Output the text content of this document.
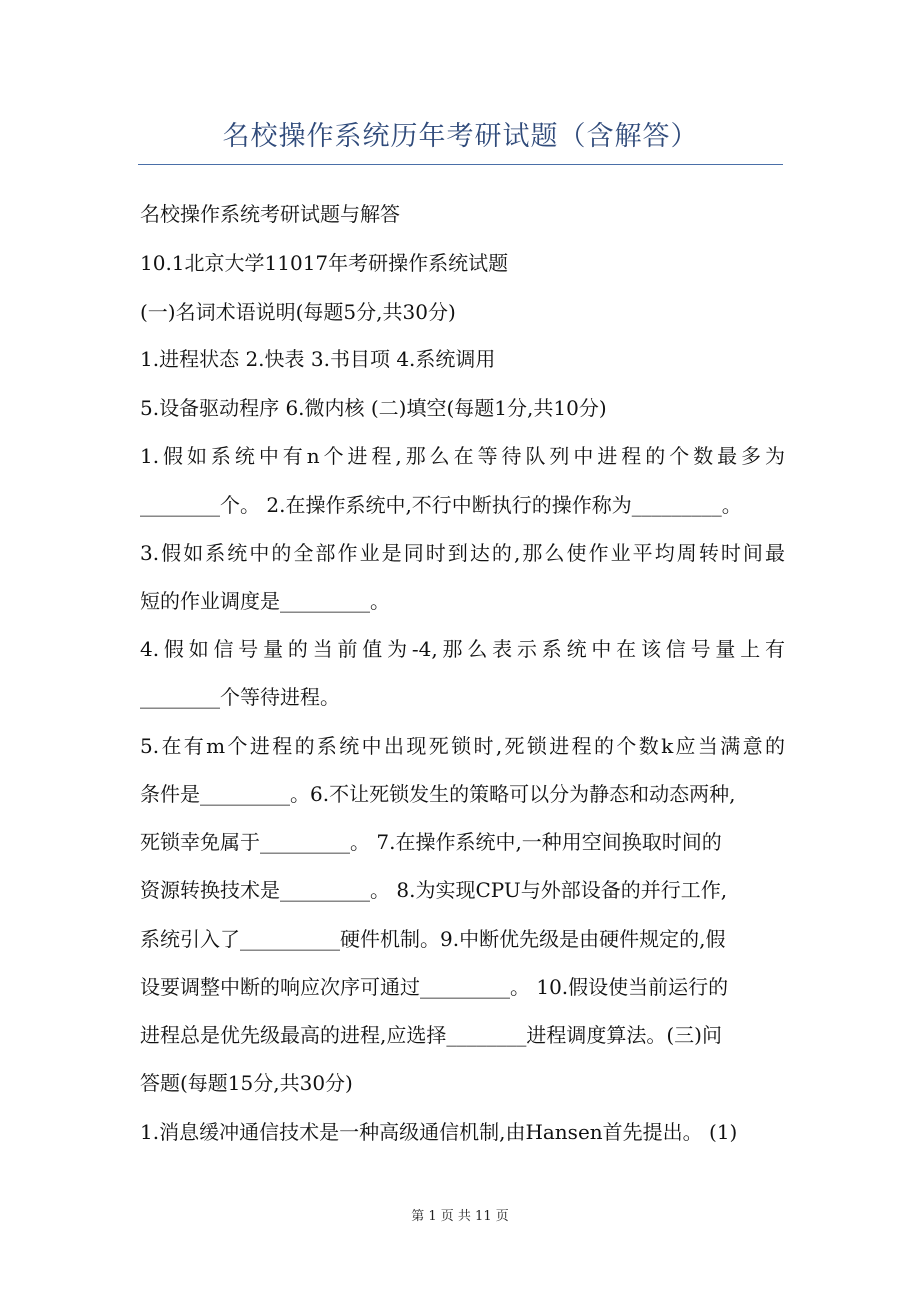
名校操作系统历年考研试题（含解答）
名校操作系统考研试题与解答
10.1北京大学11017年考研操作系统试题
(一)名词术语说明(每题5分,共30分)
1.进程状态 2.快表 3.书目项 4.系统调用
5.设备驱动程序 6.微内核 (二)填空(每题1分,共10分)
1.假如系统中有n个进程,那么在等待队列中进程的个数最多为
________个。 2.在操作系统中,不行中断执行的操作称为_________。
3.假如系统中的全部作业是同时到达的,那么使作业平均周转时间最
短的作业调度是_________。
4.假如信号量的当前值为-4,那么表示系统中在该信号量上有
________个等待进程。
5.在有m个进程的系统中出现死锁时,死锁进程的个数k应当满意的
条件是_________。6.不让死锁发生的策略可以分为静态和动态两种,
死锁幸免属于_________。 7.在操作系统中,一种用空间换取时间的
资源转换技术是_________。 8.为实现CPU与外部设备的并行工作,
系统引入了__________硬件机制。9.中断优先级是由硬件规定的,假
设要调整中断的响应次序可通过_________。 10.假设使当前运行的
进程总是优先级最高的进程,应选择________进程调度算法。(三)问
答题(每题15分,共30分)
1.消息缓冲通信技术是一种高级通信机制,由Hansen首先提出。 (1)
第 1 页 共 11 页
